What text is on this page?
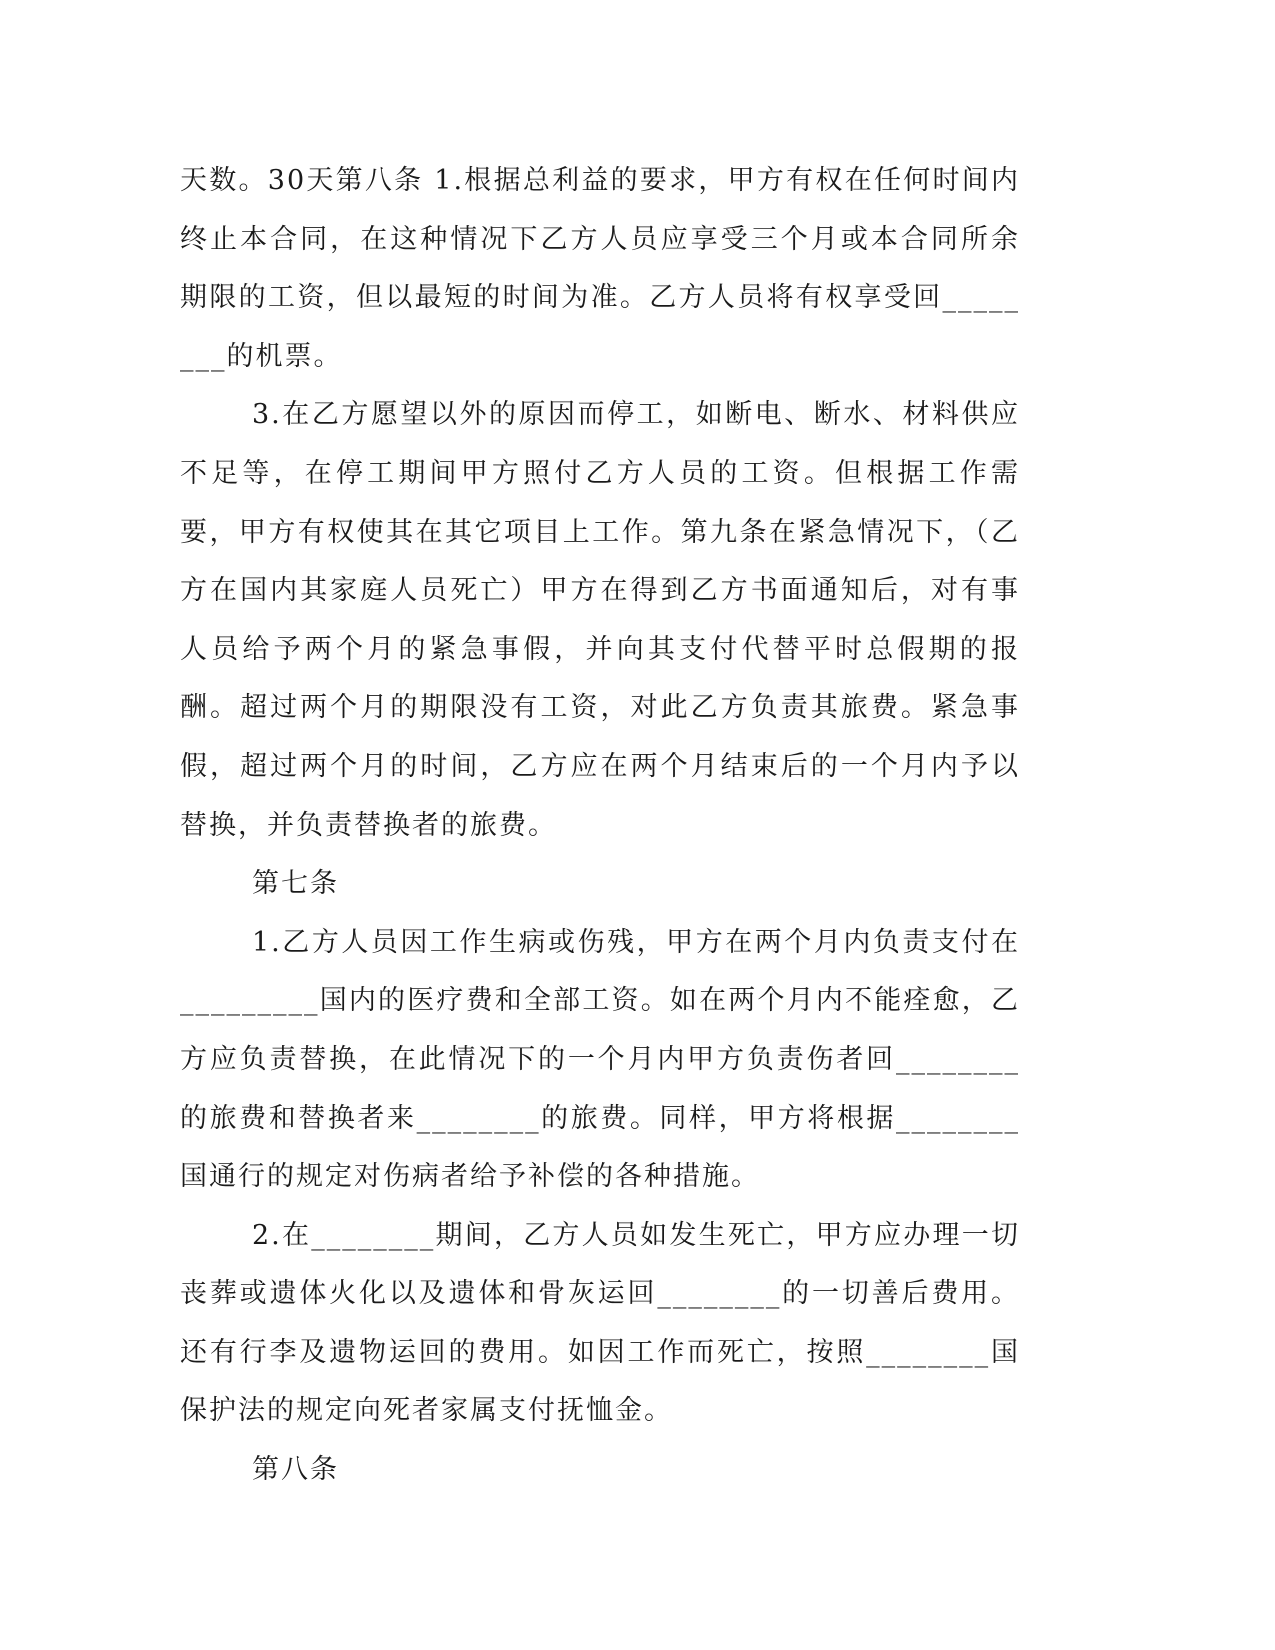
天数。30天第八条 1.根据总利益的要求，甲方有权在任何时间内终止本合同，在这种情况下乙方人员应享受三个月或本合同所余期限的工资，但以最短的时间为准。乙方人员将有权享受回________的机票。

3.在乙方愿望以外的原因而停工，如断电、断水、材料供应不足等，在停工期间甲方照付乙方人员的工资。但根据工作需要，甲方有权使其在其它项目上工作。第九条在紧急情况下，（乙方在国内其家庭人员死亡）甲方在得到乙方书面通知后，对有事人员给予两个月的紧急事假，并向其支付代替平时总假期的报酬。超过两个月的期限没有工资，对此乙方负责其旅费。紧急事假，超过两个月的时间，乙方应在两个月结束后的一个月内予以替换，并负责替换者的旅费。

第七条

1.乙方人员因工作生病或伤残，甲方在两个月内负责支付在_________国内的医疗费和全部工资。如在两个月内不能痊愈，乙方应负责替换，在此情况下的一个月内甲方负责伤者回________的旅费和替换者来________的旅费。同样，甲方将根据________国通行的规定对伤病者给予补偿的各种措施。

2.在________期间，乙方人员如发生死亡，甲方应办理一切丧葬或遗体火化以及遗体和骨灰运回________的一切善后费用。还有行李及遗物运回的费用。如因工作而死亡，按照________国保护法的规定向死者家属支付抚恤金。

第八条
